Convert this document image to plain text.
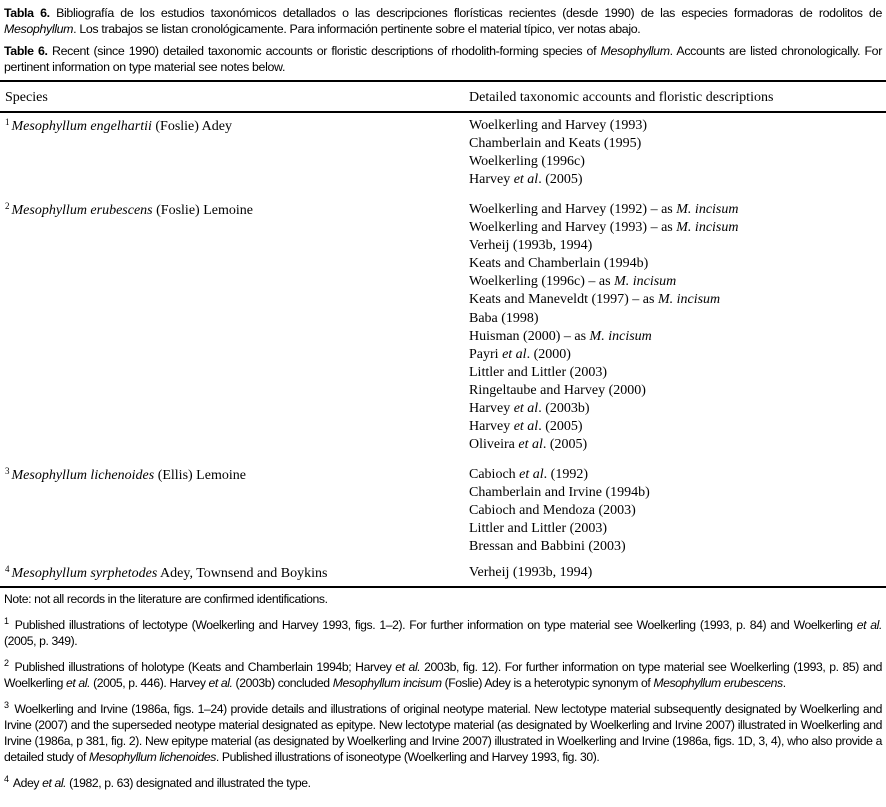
Tabla 6. Bibliografía de los estudios taxonómicos detallados o las descripciones florísticas recientes (desde 1990) de las especies formadoras de rodolitos de Mesophyllum. Los trabajos se listan cronológicamente. Para información pertinente sobre el material típico, ver notas abajo.
Table 6. Recent (since 1990) detailed taxonomic accounts or floristic descriptions of rhodolith-forming species of Mesophyllum. Accounts are listed chronologically. For pertinent information on type material see notes below.
Species	Detailed taxonomic accounts and floristic descriptions
$^1$ Mesophyllum engelhartii (Foslie) Adey	Woelkerling and Harvey (1993)
Chamberlain and Keats (1995)
Woelkerling (1996c)
Harvey et al. (2005)
$^2$ Mesophyllum erubescens (Foslie) Lemoine	Woelkerling and Harvey (1992) – as M. incisum
Woelkerling and Harvey (1993) – as M. incisum
Verheij (1993b, 1994)
Keats and Chamberlain (1994b)
Woelkerling (1996c) – as M. incisum
Keats and Maneveldt (1997) – as M. incisum
Baba (1998)
Huisman (2000) – as M. incisum
Payri et al. (2000)
Littler and Littler (2003)
Ringeltaube and Harvey (2000)
Harvey et al. (2003b)
Harvey et al. (2005)
Oliveira et al. (2005)
$^3$ Mesophyllum lichenoides (Ellis) Lemoine	Cabioch et al. (1992)
Chamberlain and Irvine (1994b)
Cabioch and Mendoza (2003)
Littler and Littler (2003)
Bressan and Babbini (2003)
$^4$ Mesophyllum syrphetodes Adey, Townsend and Boykins	Verheij (1993b, 1994)
Note: not all records in the literature are confirmed identifications.
$^1$ Published illustrations of lectotype (Woelkerling and Harvey 1993, figs. 1–2). For further information on type material see Woelkerling (1993, p. 84) and Woelkerling et al. (2005, p. 349).
$^2$ Published illustrations of holotype (Keats and Chamberlain 1994b; Harvey et al. 2003b, fig. 12). For further information on type material see Woelkerling (1993, p. 85) and Woelkerling et al. (2005, p. 446). Harvey et al. (2003b) concluded Mesophyllum incisum (Foslie) Adey is a heterotypic synonym of Mesophyllum erubescens.
$^3$ Woelkerling and Irvine (1986a, figs. 1–24) provide details and illustrations of original neotype material. New lectotype material subsequently designated by Woelkerling and Irvine (2007) and the superseded neotype material designated as epitype. New lectotype material (as designated by Woelkerling and Irvine 2007) illustrated in Woelkerling and Irvine (1986a, p 381, fig. 2). New epitype material (as designated by Woelkerling and Irvine 2007) illustrated in Woelkerling and Irvine (1986a, figs. 1D, 3, 4), who also provide a detailed study of Mesophyllum lichenoides. Published illustrations of isoneotype (Woelkerling and Harvey 1993, fig. 30).
$^4$ Adey et al. (1982, p. 63) designated and illustrated the type.
